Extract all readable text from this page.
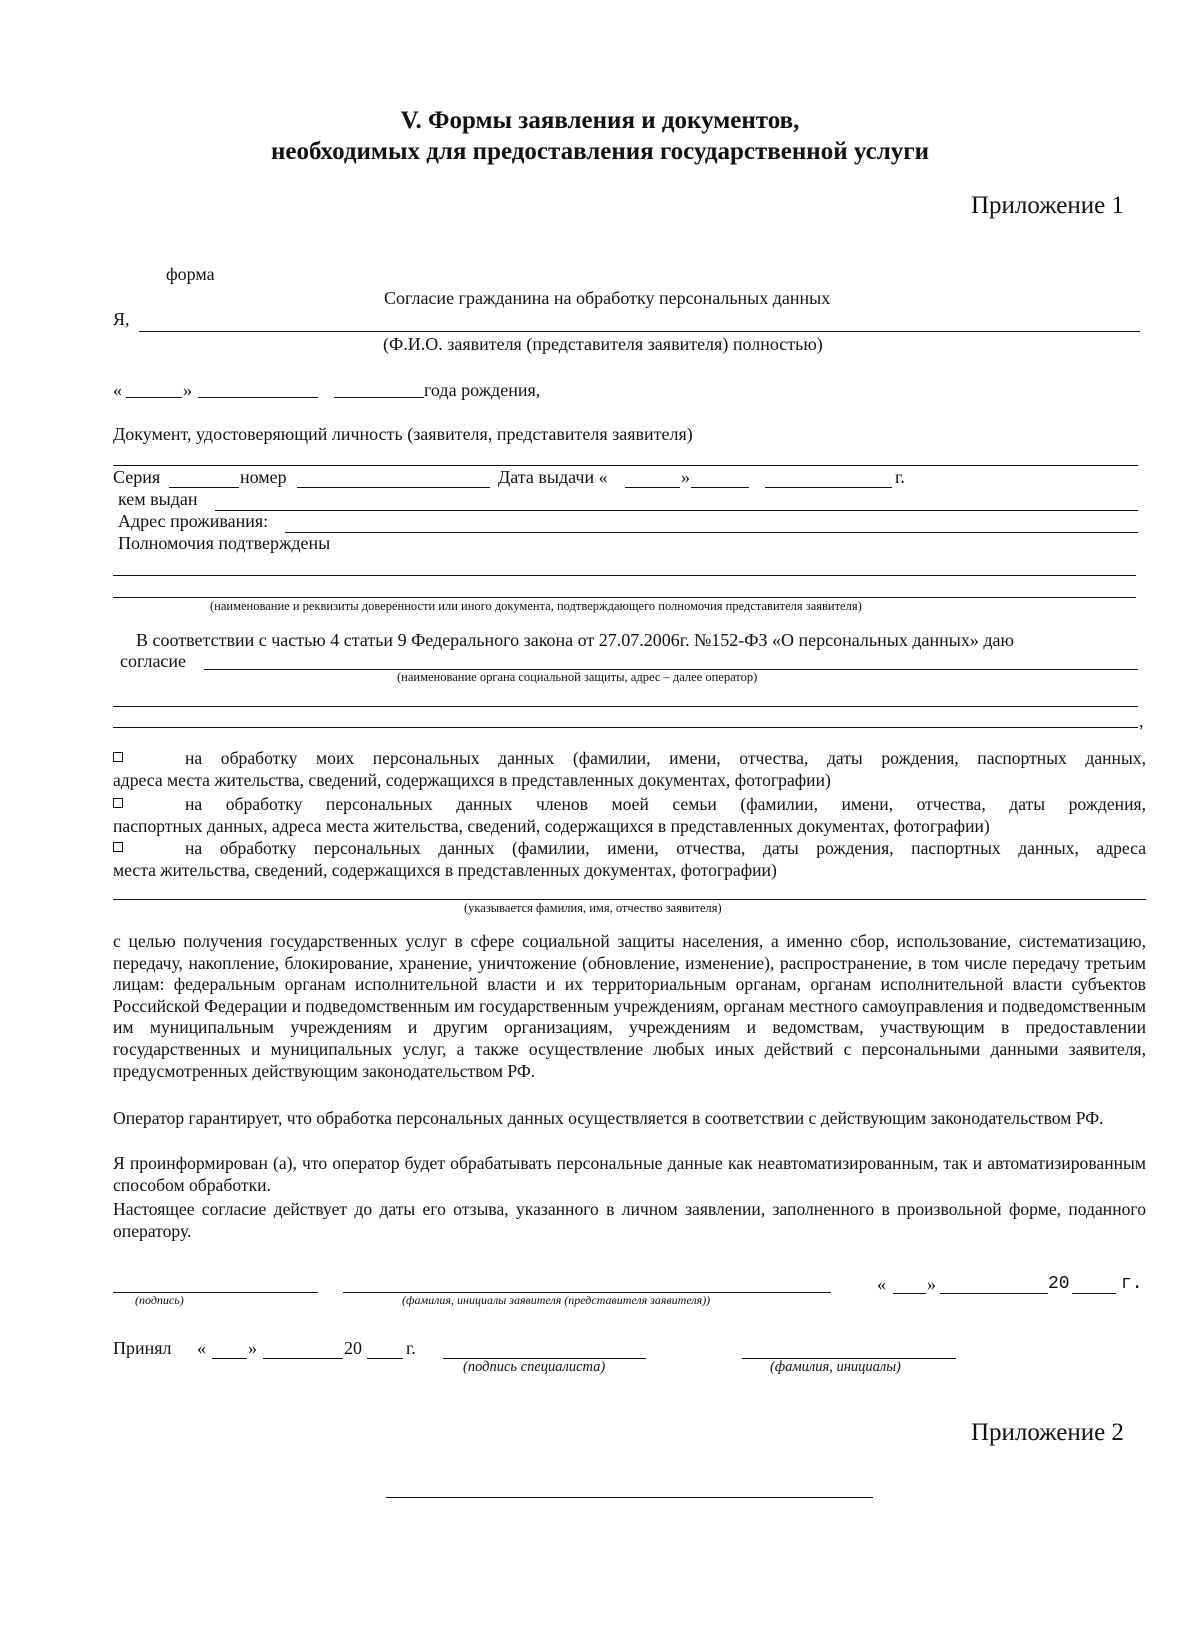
V. Формы заявления и документов,
необходимых для предоставления государственной услуги
Приложение 1
форма
Согласие гражданина на обработку персональных данных
Я,
(Ф.И.О. заявителя (представителя заявителя) полностью)
«	»	года рождения,
Документ, удостоверяющий личность (заявителя, представителя заявителя)
Серия	номер	Дата выдачи «	»	г.
кем выдан
Адрес проживания:
Полномочия подтверждены
(наименование и реквизиты доверенности или иного документа, подтверждающего полномочия представителя заявителя)
В соответствии с частью 4 статьи 9 Федерального закона от 27.07.2006г. №152-ФЗ «О персональных данных» даю
согласие
(наименование органа социальной защиты, адрес – далее оператор)
,
на обработку моих персональных данных (фамилии, имени, отчества, даты рождения, паспортных данных,
адреса места жительства, сведений, содержащихся в представленных документах, фотографии)
на обработку персональных данных членов моей семьи (фамилии, имени, отчества, даты рождения,
паспортных данных, адреса места жительства, сведений, содержащихся в представленных документах, фотографии)
на обработку персональных данных (фамилии, имени, отчества, даты рождения, паспортных данных, адреса
места жительства, сведений, содержащихся в представленных документах, фотографии)
(указывается фамилия, имя, отчество заявителя)
с целью получения государственных услуг в сфере социальной защиты населения, а именно сбор, использование, систематизацию, передачу, накопление, блокирование, хранение, уничтожение (обновление, изменение), распространение, в том числе передачу третьим лицам: федеральным органам исполнительной власти и их территориальным органам, органам исполнительной власти субъектов Российской Федерации и подведомственным им государственным учреждениям, органам местного самоуправления и подведомственным им муниципальным учреждениям и другим организациям, учреждениям и ведомствам, участвующим в предоставлении государственных и муниципальных услуг, а также осуществление любых иных действий с персональными данными заявителя, предусмотренных действующим законодательством РФ.
Оператор гарантирует, что обработка персональных данных осуществляется в соответствии с действующим законодательством РФ.
Я проинформирован (а), что оператор будет обрабатывать персональные данные как неавтоматизированным, так и автоматизированным способом обработки.
Настоящее согласие действует до даты его отзыва, указанного в личном заявлении, заполненного в произвольной форме, поданного оператору.
(подпись)	(фамилия, инициалы заявителя (представителя заявителя))
« »	20	г.
Принял « »	20 г.
(подпись специалиста)	(фамилия, инициалы)
Приложение 2
